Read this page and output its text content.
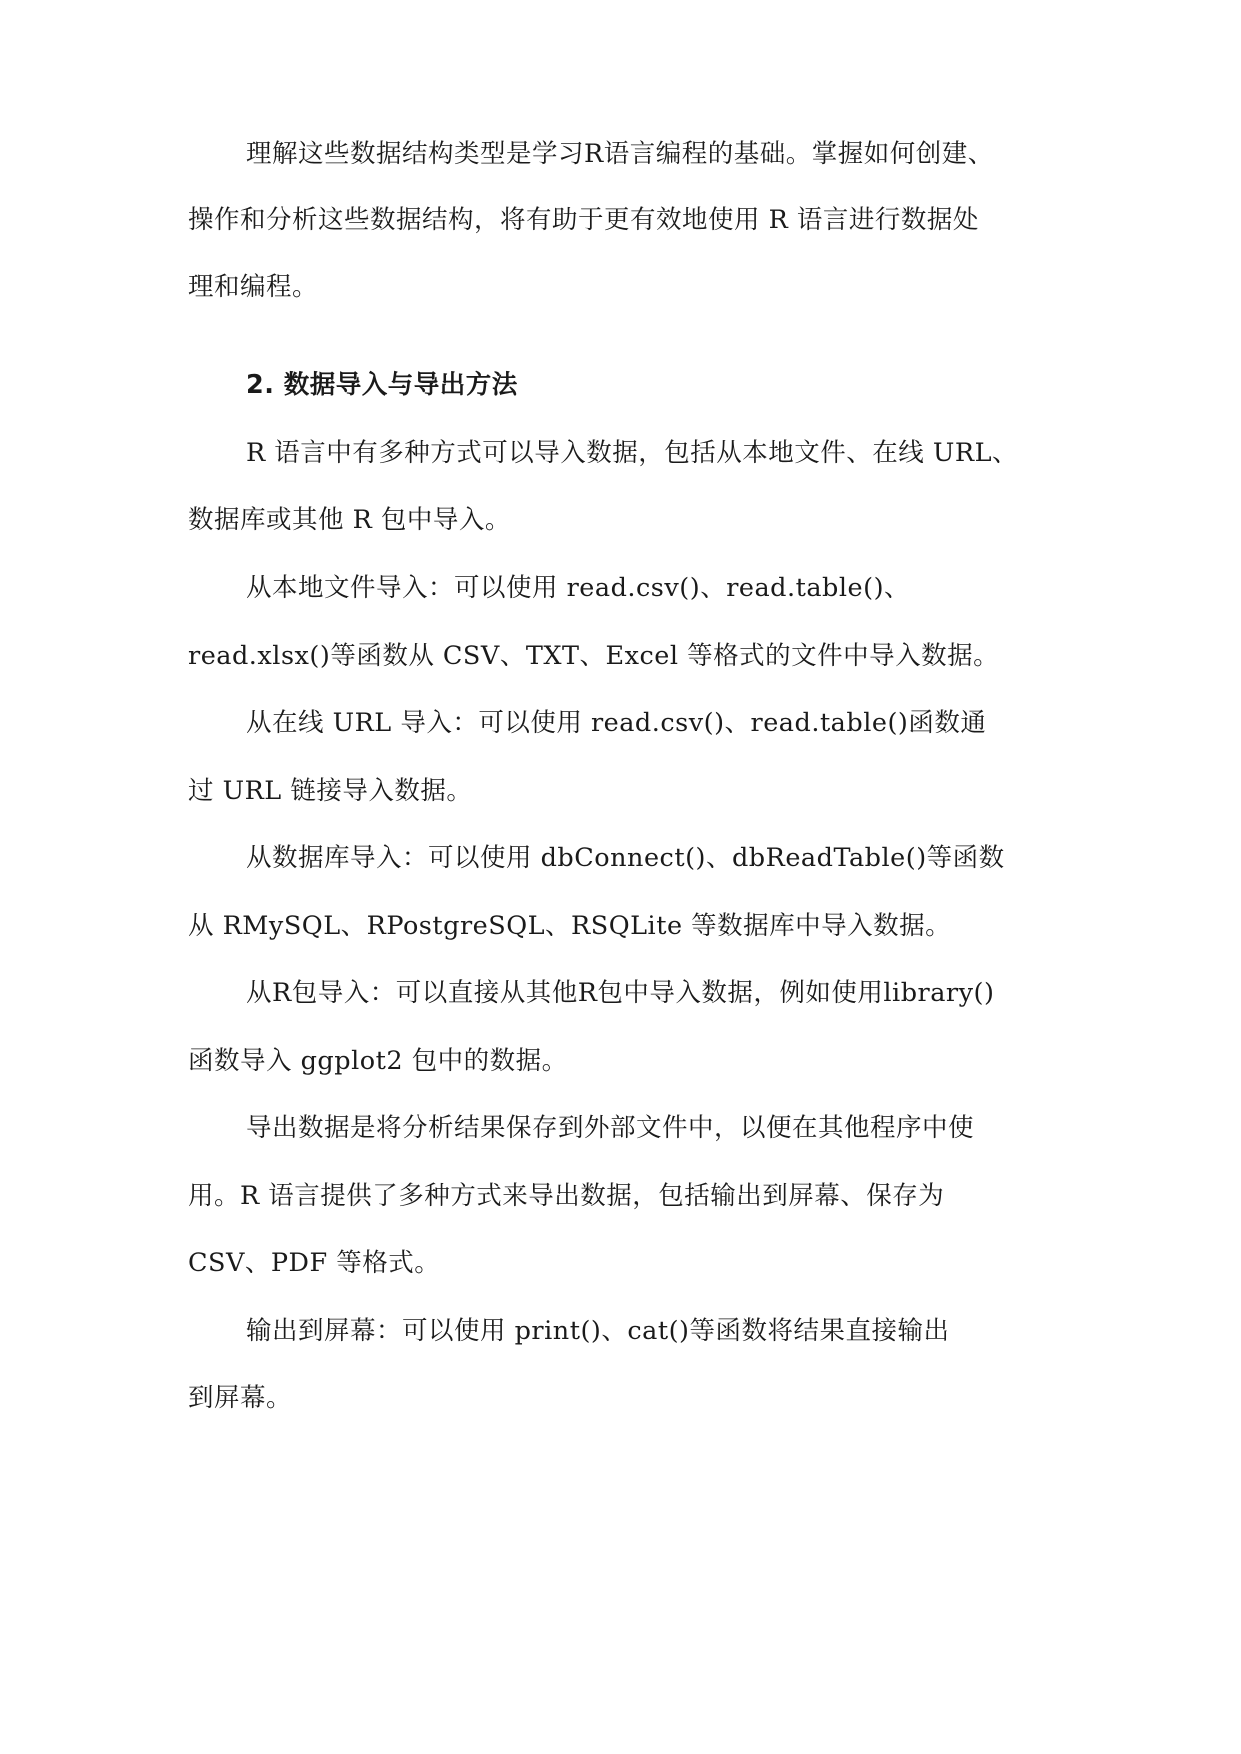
理解这些数据结构类型是学习R语言编程的基础。掌握如何创建、
操作和分析这些数据结构，将有助于更有效地使用 R 语言进行数据处
理和编程。
2. 数据导入与导出方法
R 语言中有多种方式可以导入数据，包括从本地文件、在线 URL、
数据库或其他 R 包中导入。
从本地文件导入：可以使用 read.csv()、read.table()、
read.xlsx()等函数从 CSV、TXT、Excel 等格式的文件中导入数据。
从在线 URL 导入：可以使用 read.csv()、read.table()函数通
过 URL 链接导入数据。
从数据库导入：可以使用 dbConnect()、dbReadTable()等函数
从 RMySQL、RPostgreSQL、RSQLite 等数据库中导入数据。
从R包导入：可以直接从其他R包中导入数据，例如使用library()
函数导入 ggplot2 包中的数据。
导出数据是将分析结果保存到外部文件中，以便在其他程序中使
用。R 语言提供了多种方式来导出数据，包括输出到屏幕、保存为
CSV、PDF 等格式。
输出到屏幕：可以使用 print()、cat()等函数将结果直接输出
到屏幕。
